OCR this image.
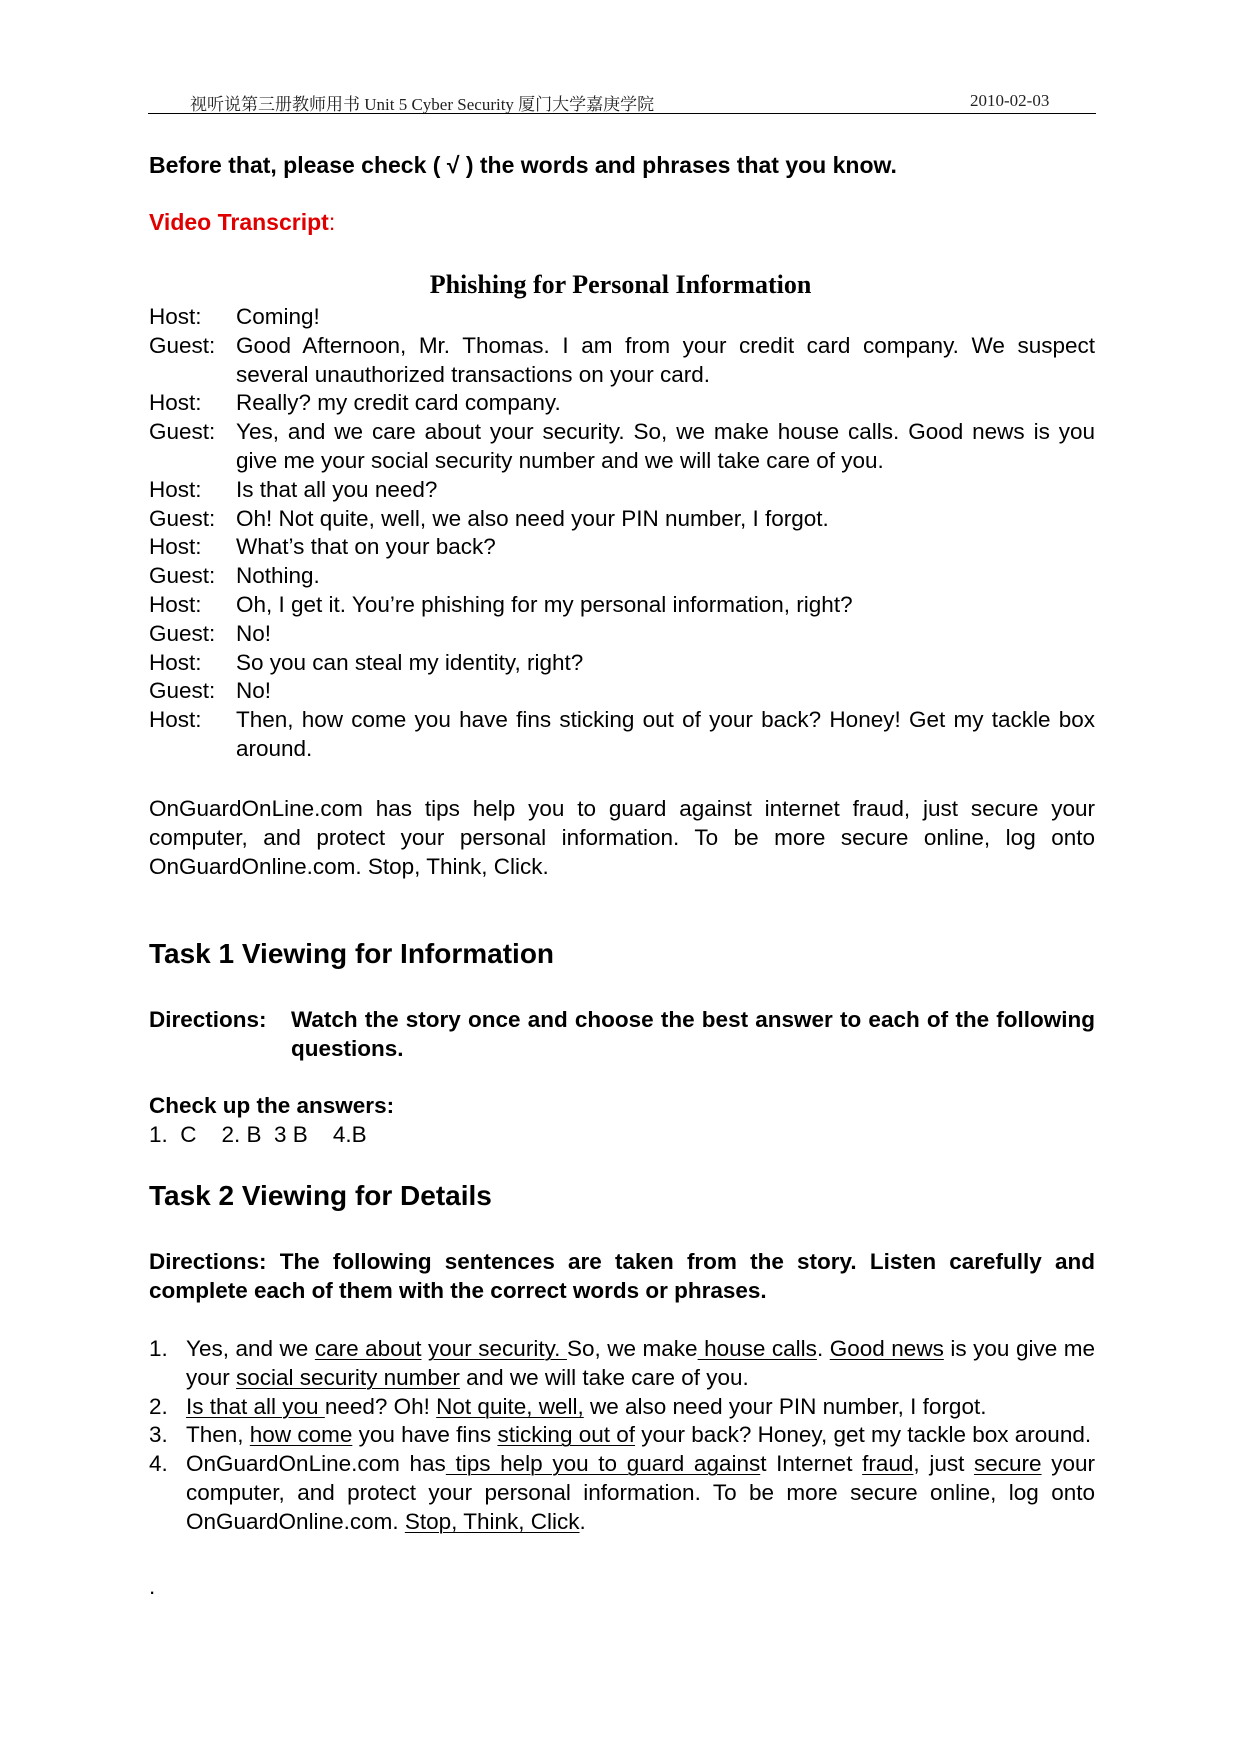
视听说第三册教师用书 Unit 5 Cyber Security 厦门大学嘉庚学院	2010-02-03
Before that, please check ( √ ) the words and phrases that you know.
Video Transcript:
Phishing for Personal Information
Host: Coming!
Guest: Good Afternoon, Mr. Thomas. I am from your credit card company. We suspect several unauthorized transactions on your card.
Host: Really? my credit card company.
Guest: Yes, and we care about your security. So, we make house calls. Good news is you give me your social security number and we will take care of you.
Host: Is that all you need?
Guest: Oh! Not quite, well, we also need your PIN number, I forgot.
Host: What’s that on your back?
Guest: Nothing.
Host: Oh, I get it. You’re phishing for my personal information, right?
Guest: No!
Host: So you can steal my identity, right?
Guest: No!
Host: Then, how come you have fins sticking out of your back? Honey! Get my tackle box around.
OnGuardOnLine.com has tips help you to guard against internet fraud, just secure your computer, and protect your personal information. To be more secure online, log onto OnGuardOnline.com. Stop, Think, Click.
Task 1 Viewing for Information
Directions: Watch the story once and choose the best answer to each of the following questions.
Check up the answers:
1.  C    2. B  3 B    4.B
Task 2 Viewing for Details
Directions: The following sentences are taken from the story. Listen carefully and complete each of them with the correct words or phrases.
1. Yes, and we care about your security. So, we make house calls. Good news is you give me your social security number and we will take care of you.
2. Is that all you need? Oh! Not quite, well, we also need your PIN number, I forgot.
3. Then, how come you have fins sticking out of your back? Honey, get my tackle box around.
4. OnGuardOnLine.com has tips help you to guard against Internet fraud, just secure your computer, and protect your personal information. To be more secure online, log onto OnGuardOnline.com. Stop, Think, Click.
.
